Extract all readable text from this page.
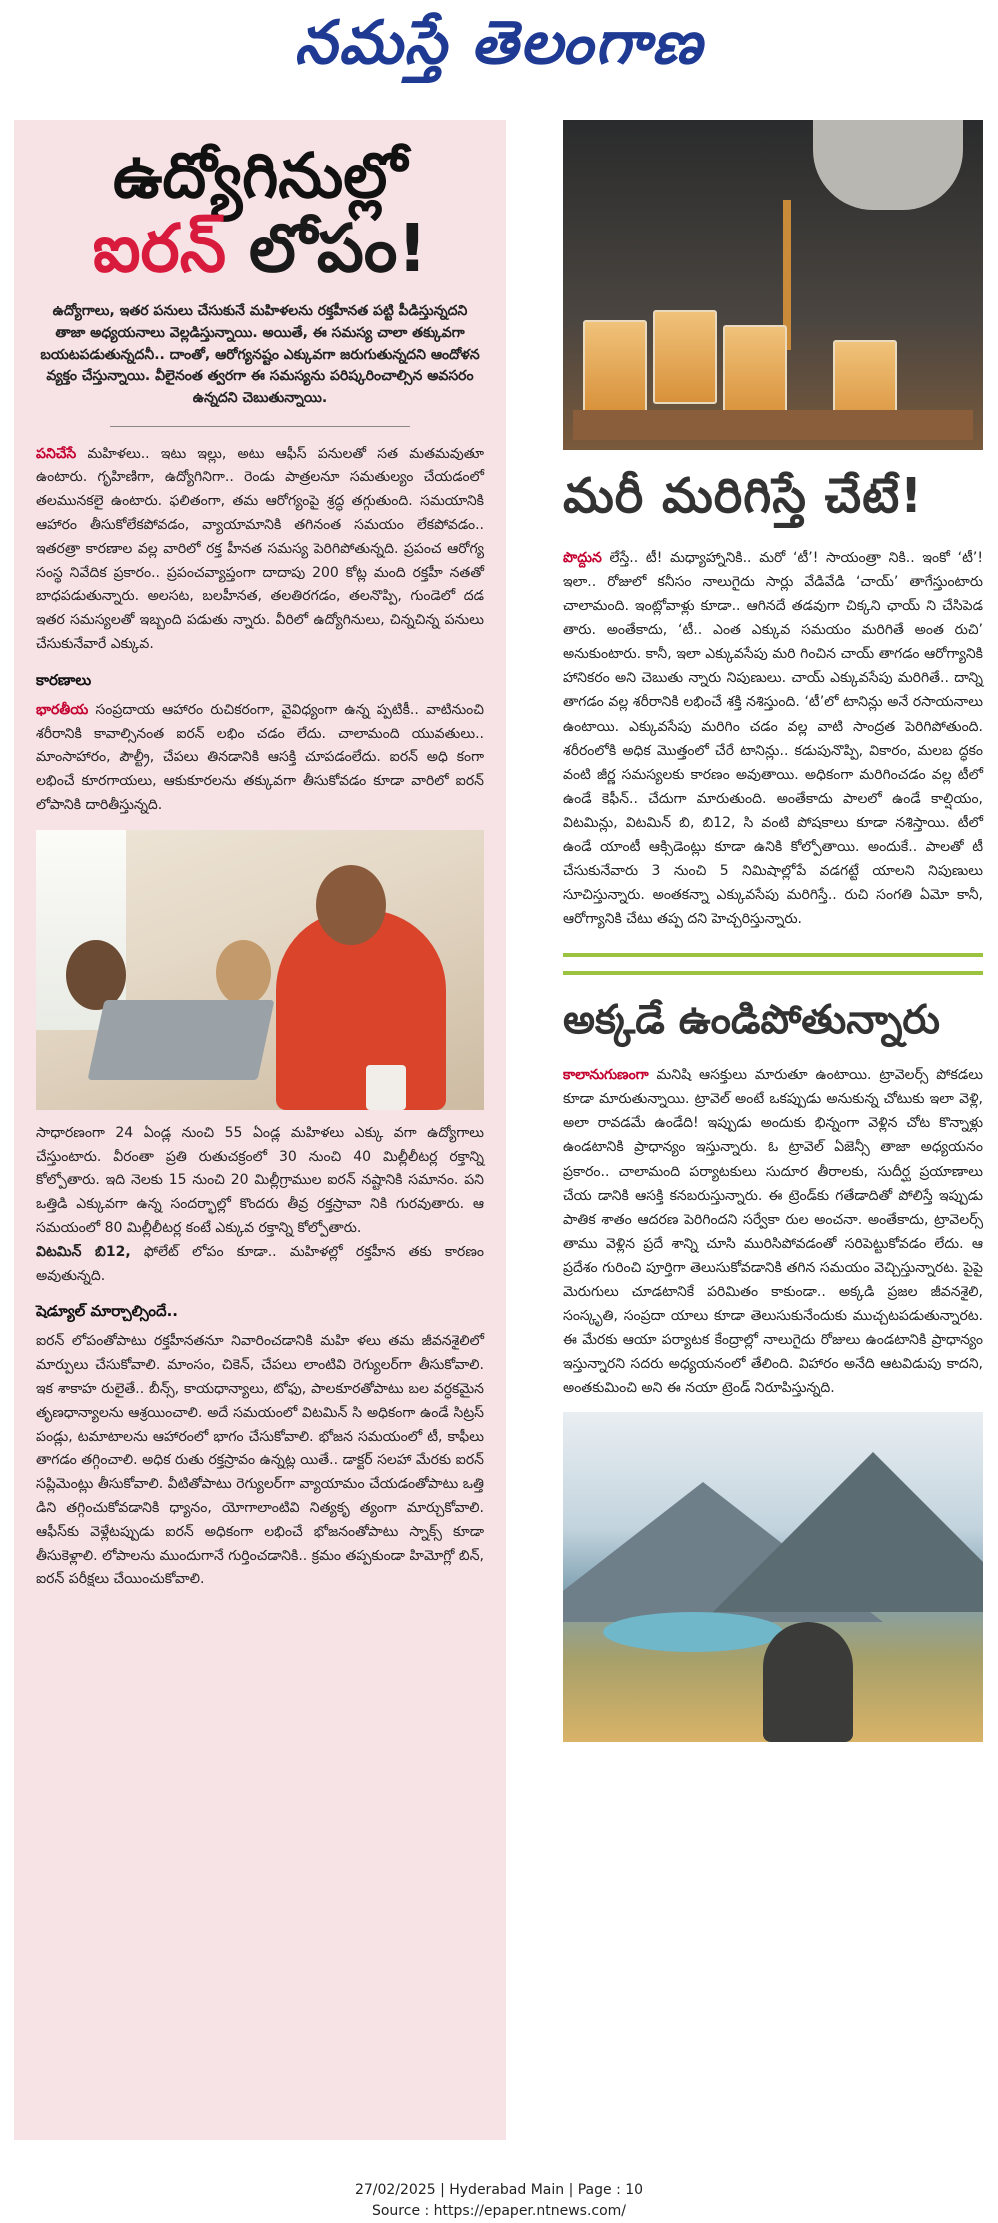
నమస్తే తెలంగాణ
ఉద్యోగినుల్లో
ఐరన్ లోపం!
ఉద్యోగాలు, ఇతర పనులు చేసుకునే మహిళలను రక్తహీనత పట్టి పీడిస్తున్నదని తాజా అధ్యయనాలు వెల్లడిస్తున్నాయి. అయితే, ఈ సమస్య చాలా తక్కువగా బయటపడుతున్నదనీ.. దాంతో, ఆరోగ్యనష్టం ఎక్కువగా జరుగుతున్నదని ఆందోళన వ్యక్తం చేస్తున్నాయి. వీలైనంత త్వరగా ఈ సమస్యను పరిష్కరించాల్సిన అవసరం ఉన్నదని చెబుతున్నాయి.
పనిచేసే మహిళలు.. ఇటు ఇల్లు, అటు ఆఫీస్ పనులతో సత మతమవుతూ ఉంటారు. గృహిణిగా, ఉద్యోగినిగా.. రెండు పాత్రలనూ సమతుల్యం చేయడంలో తలమునకలై ఉంటారు. ఫలితంగా, తమ ఆరోగ్యంపై శ్రద్ధ తగ్గుతుంది. సమయానికి ఆహారం తీసుకోలేకపోవడం, వ్యాయామానికి తగినంత సమయం లేకపోవడం.. ఇతరత్రా కారణాల వల్ల వారిలో రక్త హీనత సమస్య పెరిగిపోతున్నది. ప్రపంచ ఆరోగ్య సంస్థ నివేదిక ప్రకారం.. ప్రపంచవ్యాప్తంగా దాదాపు 200 కోట్ల మంది రక్తహీ నతతో బాధపడుతున్నారు. అలసట, బలహీనత, తలతిరగడం, తలనొప్పి, గుండెలో దడ ఇతర సమస్యలతో ఇబ్బంది పడుతు న్నారు. వీరిలో ఉద్యోగినులు, చిన్నచిన్న పనులు చేసుకునేవారే ఎక్కువ.
కారణాలు
భారతీయ సంప్రదాయ ఆహారం రుచికరంగా, వైవిధ్యంగా ఉన్న ప్పటికీ.. వాటినుంచి శరీరానికి కావాల్సినంత ఐరన్ లభిం చడం లేదు. చాలామంది యువతులు.. మాంసాహారం, పౌల్ట్రీ, చేపలు తినడానికి ఆసక్తి చూపడంలేదు. ఐరన్ అధి కంగా లభించే కూరగాయలు, ఆకుకూరలను తక్కువగా తీసుకోవడం కూడా వారిలో ఐరన్ లోపానికి దారితీస్తున్నది.
సాధారణంగా 24 ఏండ్ల నుంచి 55 ఏండ్ల మహిళలు ఎక్కు వగా ఉద్యోగాలు చేస్తుంటారు. వీరంతా ప్రతి రుతుచక్రంలో 30 నుంచి 40 మిల్లీలీటర్ల రక్తాన్ని కోల్పోతారు. ఇది నెలకు 15 నుంచి 20 మిల్లీగ్రాముల ఐరన్ నష్టానికి సమానం. పని ఒత్తిడి ఎక్కువగా ఉన్న సందర్భాల్లో కొందరు తీవ్ర రక్తస్రావా నికి గురవుతారు. ఆ సమయంలో 80 మిల్లీలీటర్ల కంటే ఎక్కువ రక్తాన్ని కోల్పోతారు.
విటమిన్ బి12, ఫోలేట్ లోపం కూడా.. మహిళల్లో రక్తహీన తకు కారణం అవుతున్నది.
షెడ్యూల్ మార్చాల్సిందే..
ఐరన్ లోపంతోపాటు రక్తహీనతనూ నివారించడానికి మహి ళలు తమ జీవనశైలిలో మార్పులు చేసుకోవాలి. మాంసం, చికెన్, చేపలు లాంటివి రెగ్యులర్‌గా తీసుకోవాలి. ఇక శాకాహ రులైతే.. బీన్స్, కాయధాన్యాలు, టోఫు, పాలకూరతోపాటు బల వర్ధకమైన తృణధాన్యాలను ఆశ్రయించాలి. అదే సమయంలో విటమిన్ సి అధికంగా ఉండే సిట్రస్ పండ్లు, టమాటాలను ఆహారంలో భాగం చేసుకోవాలి. భోజన సమయంలో టీ, కాఫీలు తాగడం తగ్గించాలి. అధిక రుతు రక్తస్రావం ఉన్నట్ల యితే.. డాక్టర్ సలహా మేరకు ఐరన్ సప్లిమెంట్లు తీసుకోవాలి. వీటితోపాటు రెగ్యులర్‌గా వ్యాయామం చేయడంతోపాటు ఒత్తి డిని తగ్గించుకోవడానికి ధ్యానం, యోగాలాంటివి నిత్యకృ త్యంగా మార్చుకోవాలి. ఆఫీస్‌కు వెళ్లేటప్పుడు ఐరన్ అధికంగా లభించే భోజనంతోపాటు స్నాక్స్ కూడా తీసుకెళ్లాలి. లోపాలను ముందుగానే గుర్తించడానికి.. క్రమం తప్పకుండా హిమోగ్లో బిన్, ఐరన్ పరీక్షలు చేయించుకోవాలి.
మరీ మరిగిస్తే చేటే!
పొద్దున లేస్తే.. టీ! మధ్యాహ్నానికి.. మరో ‘టీ’! సాయంత్రా నికి.. ఇంకో ‘టీ’! ఇలా.. రోజులో కనీసం నాలుగైదు సార్లు వేడివేడి ‘చాయ్’ తాగేస్తుంటారు చాలామంది. ఇంట్లోవాళ్లు కూడా.. ఆగినదే తడవుగా చిక్కని ఛాయ్‌ ని చేసిపెడ తారు. అంతేకాదు, ‘టీ.. ఎంత ఎక్కువ సమయం మరిగితే అంత రుచి’ అనుకుంటారు. కానీ, ఇలా ఎక్కువసేపు మరి గించిన చాయ్ తాగడం ఆరోగ్యానికి హానికరం అని చెబుతు న్నారు నిపుణులు. చాయ్ ఎక్కువసేపు మరిగితే.. దాన్ని తాగడం వల్ల శరీరానికి లభించే శక్తి నశిస్తుంది. ‘టీ’లో టానిన్లు అనే రసాయనాలు ఉంటాయి. ఎక్కువసేపు మరిగిం చడం వల్ల వాటి సాంద్రత పెరిగిపోతుంది. శరీరంలోకి అధిక మొత్తంలో చేరే టానిన్లు.. కడుపునొప్పి, వికారం, మలబ ద్ధకం వంటి జీర్ణ సమస్యలకు కారణం అవుతాయి. అధికంగా మరిగించడం వల్ల టీలో ఉండే కెఫీన్.. చేదుగా మారుతుంది. అంతేకాదు పాలలో ఉండే కాల్షియం, విటమిన్లు, విటమిన్ బి, బి12, సి వంటి పోషకాలు కూడా నశిస్తాయి. టీలో ఉండే యాంటీ ఆక్సిడెంట్లు కూడా ఉనికి కోల్పోతాయి. అందుకే.. పాలతో టీ చేసుకునేవారు 3 నుంచి 5 నిమిషాల్లోపే వడగట్టే యాలని నిపుణులు సూచిస్తున్నారు. అంతకన్నా ఎక్కువసేపు మరిగిస్తే.. రుచి సంగతి ఏమో కానీ, ఆరోగ్యానికి చేటు తప్ప దని హెచ్చరిస్తున్నారు.
అక్కడే ఉండిపోతున్నారు
కాలానుగుణంగా మనిషి ఆసక్తులు మారుతూ ఉంటాయి. ట్రావెలర్స్ పోకడలు కూడా మారుతున్నాయి. ట్రావెల్ అంటే ఒకప్పుడు అనుకున్న చోటుకు ఇలా వెళ్లి, అలా రావడమే ఉండేది! ఇప్పుడు అందుకు భిన్నంగా వెళ్లిన చోట కొన్నాళ్లు ఉండటానికి ప్రాధాన్యం ఇస్తున్నారు. ఓ ట్రావెల్ ఏజెన్సీ తాజా అధ్యయనం ప్రకారం.. చాలామంది పర్యాటకులు సుదూర తీరాలకు, సుదీర్ఘ ప్రయాణాలు చేయ డానికి ఆసక్తి కనబరుస్తున్నారు. ఈ ట్రెండ్‌కు గతేడాదితో పోలిస్తే ఇప్పుడు పాతిక శాతం ఆదరణ పెరిగిందని సర్వేకా రుల అంచనా. అంతేకాదు, ట్రావెలర్స్ తాము వెళ్లిన ప్రదే శాన్ని చూసి మురిసిపోవడంతో సరిపెట్టుకోవడం లేదు. ఆ ప్రదేశం గురించి పూర్తిగా తెలుసుకోవడానికి తగిన సమయం వెచ్చిస్తున్నారట. పైపై మెరుగులు చూడటానికే పరిమితం కాకుండా.. అక్కడి ప్రజల జీవనశైలి, సంస్కృతి, సంప్రదా యాలు కూడా తెలుసుకునేందుకు ముచ్చటపడుతున్నారట. ఈ మేరకు ఆయా పర్యాటక కేంద్రాల్లో నాలుగైదు రోజులు ఉండటానికి ప్రాధాన్యం ఇస్తున్నారని సదరు అధ్యయనంలో తేలింది. విహారం అనేది ఆటవిడుపు కాదని, అంతకుమించి అని ఈ నయా ట్రెండ్ నిరూపిస్తున్నది.
27/02/2025 | Hyderabad Main | Page : 10
Source : https://epaper.ntnews.com/
